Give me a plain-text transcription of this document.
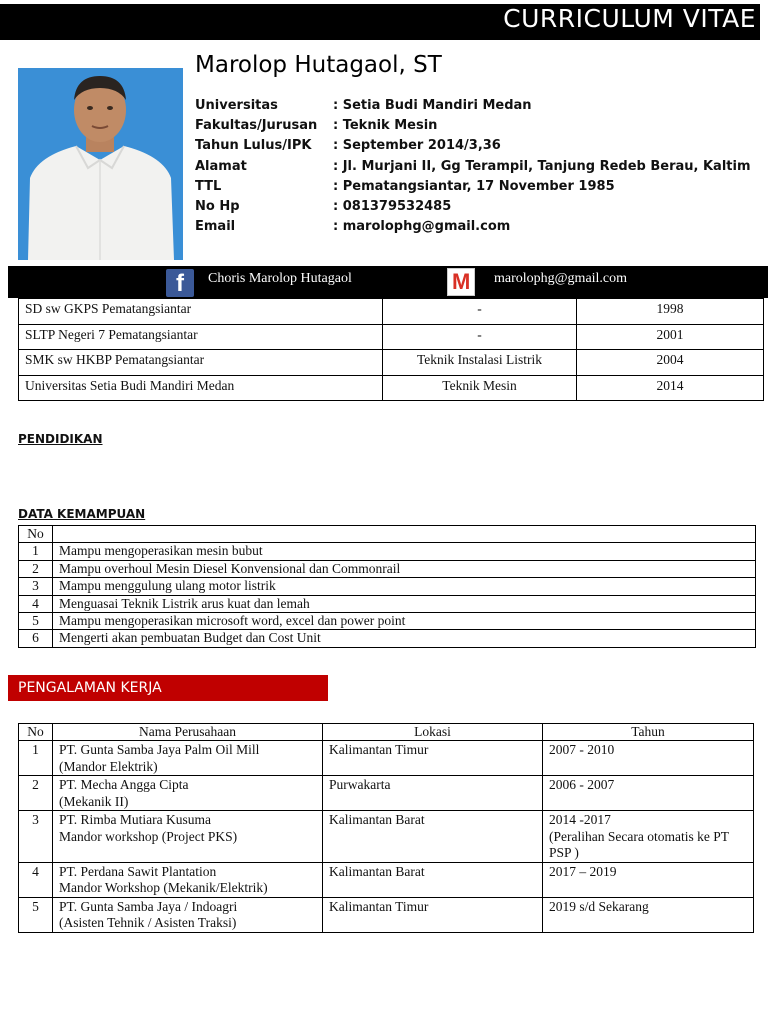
CURRICULUM VITAE
Marolop Hutagaol, ST
Universitas	: Setia Budi Mandiri Medan
Fakultas/Jurusan	: Teknik Mesin
Tahun Lulus/IPK	: September 2014/3,36
Alamat	: Jl. Murjani II, Gg Terampil, Tanjung Redeb Berau, Kaltim
TTL	: Pematangsiantar, 17 November 1985
No Hp	: 081379532485
Email	: marolophg@gmail.com
f Choris Marolop Hutagaol	M marolophg@gmail.com
SD sw GKPS Pematangsiantar	-	1998
SLTP Negeri 7 Pematangsiantar	-	2001
SMK sw HKBP Pematangsiantar	Teknik Instalasi Listrik	2004
Universitas Setia Budi Mandiri Medan	Teknik Mesin	2014
PENDIDIKAN
DATA KEMAMPUAN
No	
1	Mampu mengoperasikan mesin bubut
2	Mampu overhoul Mesin Diesel Konvensional dan Commonrail
3	Mampu menggulung ulang motor listrik
4	Menguasai Teknik Listrik arus kuat dan lemah
5	Mampu mengoperasikan microsoft word, excel dan power point
6	Mengerti akan pembuatan Budget dan Cost Unit
PENGALAMAN KERJA
No	Nama Perusahaan	Lokasi	Tahun
1	PT. Gunta Samba Jaya Palm Oil Mill
(Mandor Elektrik)	Kalimantan Timur	2007 - 2010

2	PT. Mecha Angga Cipta
(Mekanik II)	Purwakarta	2006 - 2007

3	PT. Rimba Mutiara Kusuma
Mandor workshop (Project PKS)	Kalimantan Barat	2014 -2017
(Peralihan Secara otomatis ke PT PSP )

4	PT. Perdana Sawit Plantation
Mandor Workshop (Mekanik/Elektrik)	Kalimantan Barat	2017 – 2019

5	PT. Gunta Samba Jaya / Indoagri
(Asisten Tehnik / Asisten Traksi)	Kalimantan Timur	2019 s/d Sekarang
